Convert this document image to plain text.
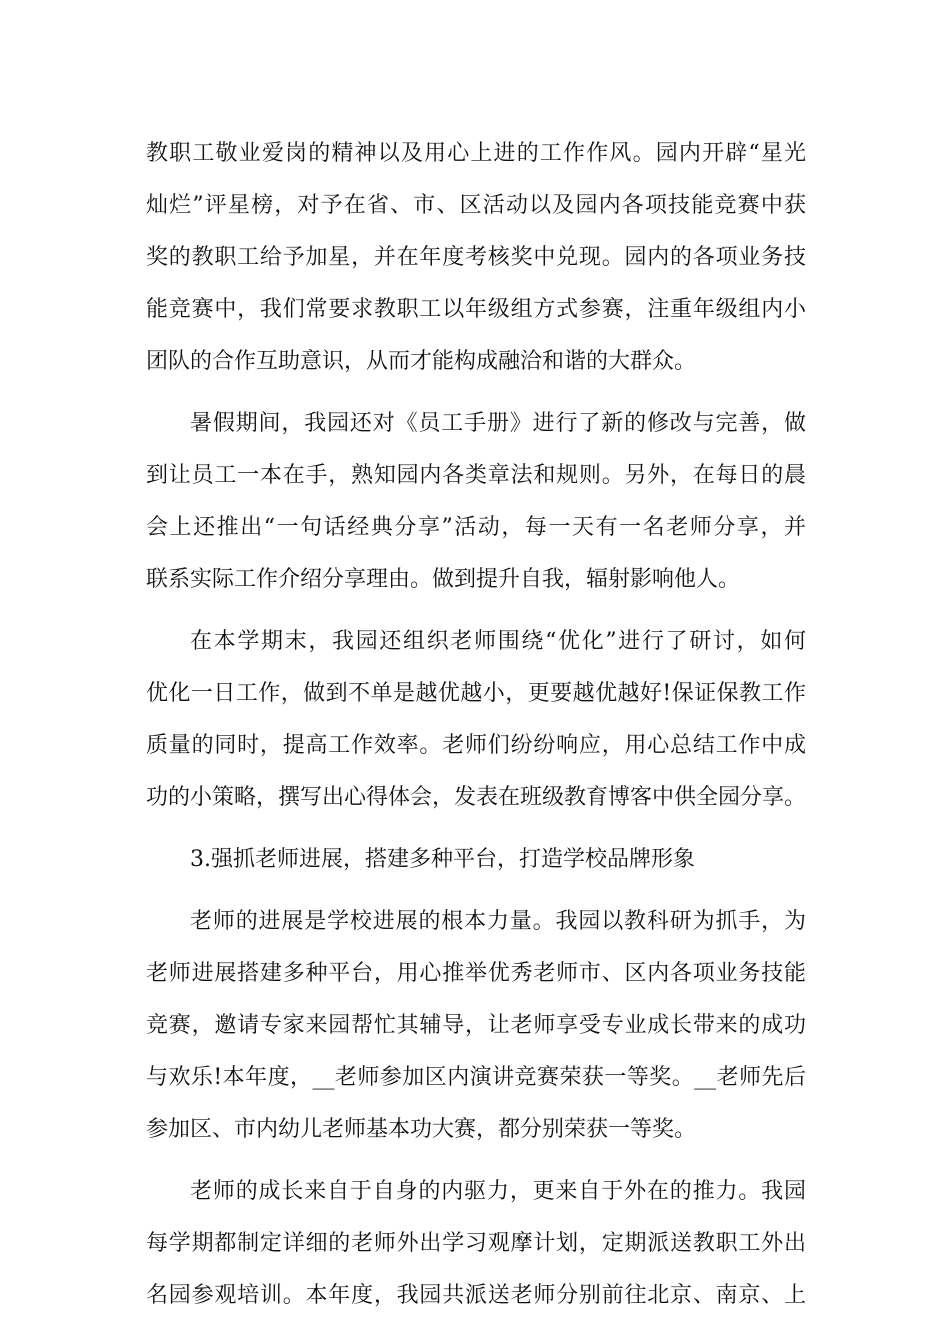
教职工敬业爱岗的精神以及用心上进的工作作风。园内开辟“星光
灿烂”评星榜，对予在省、市、区活动以及园内各项技能竞赛中获
奖的教职工给予加星，并在年度考核奖中兑现。园内的各项业务技
能竞赛中，我们常要求教职工以年级组方式参赛，注重年级组内小
团队的合作互助意识，从而才能构成融洽和谐的大群众。
暑假期间，我园还对《员工手册》进行了新的修改与完善，做
到让员工一本在手，熟知园内各类章法和规则。另外，在每日的晨
会上还推出“一句话经典分享”活动，每一天有一名老师分享，并
联系实际工作介绍分享理由。做到提升自我，辐射影响他人。
在本学期末，我园还组织老师围绕“优化”进行了研讨，如何
优化一日工作，做到不单是越优越小，更要越优越好!保证保教工作
质量的同时，提高工作效率。老师们纷纷响应，用心总结工作中成
功的小策略，撰写出心得体会，发表在班级教育博客中供全园分享。
3.强抓老师进展，搭建多种平台，打造学校品牌形象
老师的进展是学校进展的根本力量。我园以教科研为抓手，为
老师进展搭建多种平台，用心推举优秀老师市、区内各项业务技能
竞赛，邀请专家来园帮忙其辅导，让老师享受专业成长带来的成功
与欢乐!本年度，__老师参加区内演讲竞赛荣获一等奖。__老师先后
参加区、市内幼儿老师基本功大赛，都分别荣获一等奖。
老师的成长来自于自身的内驱力，更来自于外在的推力。我园
每学期都制定详细的老师外出学习观摩计划，定期派送教职工外出
名园参观培训。本年度，我园共派送老师分别前往北京、南京、上
